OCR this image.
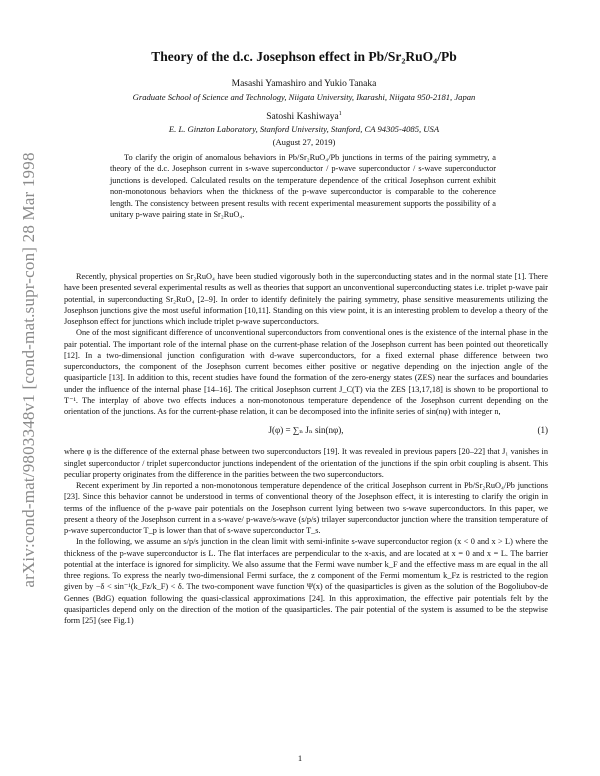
arXiv:cond-mat/9803348v1 [cond-mat.supr-con] 28 Mar 1998
Theory of the d.c. Josephson effect in Pb/Sr₂RuO₄/Pb
Masashi Yamashiro and Yukio Tanaka
Graduate School of Science and Technology, Niigata University, Ikarashi, Niigata 950-2181, Japan
Satoshi Kashiwaya$^1$
E. L. Ginzton Laboratory, Stanford University, Stanford, CA 94305-4085, USA
(August 27, 2019)

To clarify the origin of anomalous behaviors in Pb/Sr₂RuO₄/Pb junctions in terms of the pairing symmetry, a theory of the d.c. Josephson current in s-wave superconductor / p-wave superconductor / s-wave superconductor junctions is developed. Calculated results on the temperature dependence of the critical Josephson current exhibit non-monotonous behaviors when the thickness of the p-wave superconductor is comparable to the coherence length. The consistency between present results with recent experimental measurement supports the possibility of a unitary p-wave pairing state in Sr₂RuO₄.

Recently, physical properties on Sr₂RuO₄ have been studied vigorously both in the superconducting states and in the normal state [1]. There have been presented several experimental results as well as theories that support an unconventional superconducting states i.e. triplet p-wave pair potential, in superconducting Sr₂RuO₄ [2–9]. In order to identify definitely the pairing symmetry, phase sensitive measurements utilizing the Josephson junctions give the most useful information [10,11]. Standing on this view point, it is an interesting problem to develop a theory of the Josephson effect for junctions which include triplet p-wave superconductors.

One of the most significant difference of unconventional superconductors from conventional ones is the existence of the internal phase in the pair potential. The important role of the internal phase on the current-phase relation of the Josephson current has been pointed out theoretically [12]. In a two-dimensional junction configuration with d-wave superconductors, for a fixed external phase difference between two superconductors, the component of the Josephson current becomes either positive or negative depending on the injection angle of the quasiparticle [13]. In addition to this, recent studies have found the formation of the zero-energy states (ZES) near the surfaces and boundaries under the influence of the internal phase [14–16]. The critical Josephson current J_C(T) via the ZES [13,17,18] is shown to be proportional to T⁻¹. The interplay of above two effects induces a non-monotonous temperature dependence of the Josephson current depending on the orientation of the junctions. As for the current-phase relation, it can be decomposed into the infinite series of sin(nφ) with integer n,

J(φ) = ∑ₙ Jₙ sin(nφ),	(1)

where φ is the difference of the external phase between two superconductors [19]. It was revealed in previous papers [20–22] that J₁ vanishes in singlet superconductor / triplet superconductor junctions independent of the orientation of the junctions if the spin orbit coupling is absent. This peculiar property originates from the difference in the parities between the two superconductors.

Recent experiment by Jin reported a non-monotonous temperature dependence of the critical Josephson current in Pb/Sr₂RuO₄/Pb junctions [23]. Since this behavior cannot be understood in terms of conventional theory of the Josephson effect, it is interesting to clarify the origin in terms of the influence of the p-wave pair potentials on the Josephson current lying between two s-wave superconductors. In this paper, we present a theory of the Josephson current in a s-wave/ p-wave/s-wave (s/p/s) trilayer superconductor junction where the transition temperature of p-wave superconductor T_p is lower than that of s-wave superconductor T_s.

In the following, we assume an s/p/s junction in the clean limit with semi-infinite s-wave superconductor region (x < 0 and x > L) where the thickness of the p-wave superconductor is L. The flat interfaces are perpendicular to the x-axis, and are located at x = 0 and x = L. The barrier potential at the interface is ignored for simplicity. We also assume that the Fermi wave number k_F and the effective mass m are equal in the all three regions. To express the nearly two-dimensional Fermi surface, the z component of the Fermi momentum k_Fz is restricted to the region given by −δ < sin⁻¹(k_Fz/k_F) < δ. The two-component wave function Ψ(x) of the quasiparticles is given as the solution of the Bogoliubov-de Gennes (BdG) equation following the quasi-classical approximations [24]. In this approximation, the effective pair potentials felt by the quasiparticles depend only on the direction of the motion of the quasiparticles. The pair potential of the system is assumed to be the stepwise form [25] (see Fig.1)

1
